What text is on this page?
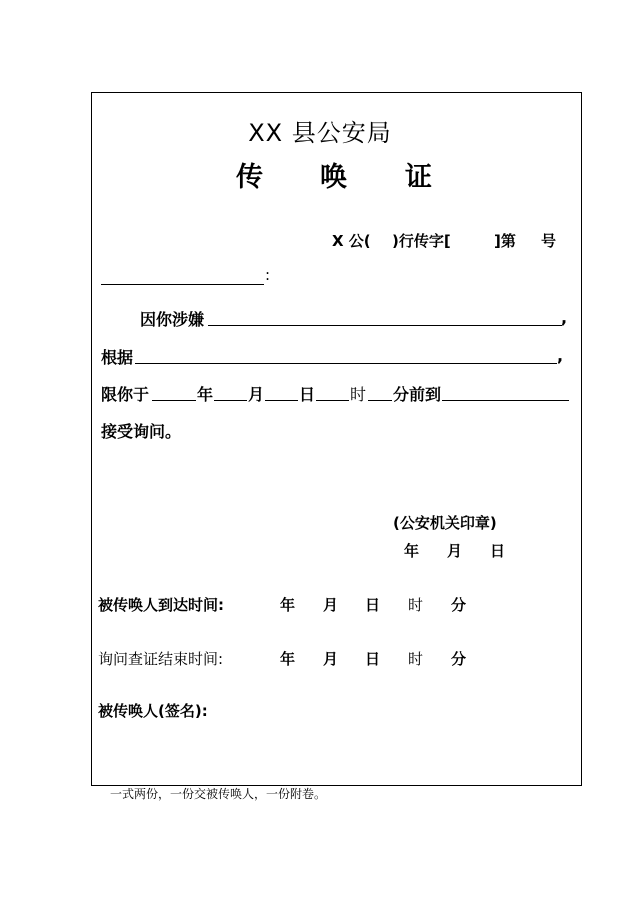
XX 县公安局
传 唤 证
X 公( )行传字[	]第 号
:
因你涉嫌	,
根据	,
限你于	年 月 日 时 分前到
接受询问。
(公安机关印章)
年 月 日
被传唤人到达时间:	年 月 日 时 分
询问查证结束时间:	年 月 日 时 分
被传唤人(签名):
一式两份，一份交被传唤人，一份附卷。
